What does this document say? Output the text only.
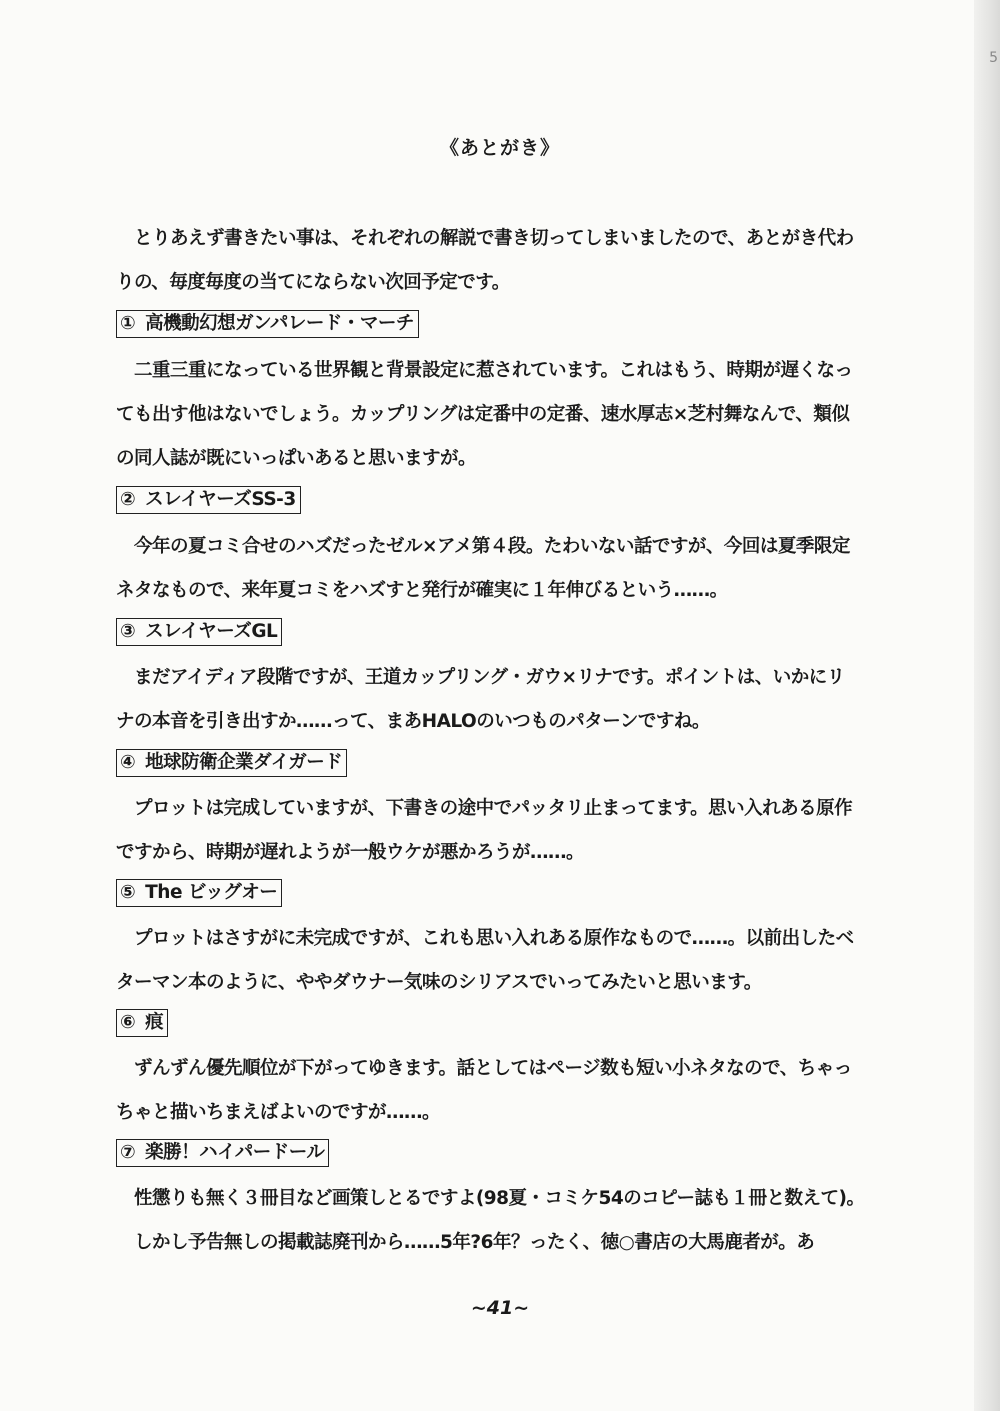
5
《あとがき》
とりあえず書きたい事は、それぞれの解説で書き切ってしまいましたので、あとがき代わ
りの、毎度毎度の当てにならない次回予定です。
① 高機動幻想ガンパレード・マーチ
二重三重になっている世界観と背景設定に惹されています。これはもう、時期が遅くなっ
ても出す他はないでしょう。カップリングは定番中の定番、速水厚志×芝村舞なんで、類似
の同人誌が既にいっぱいあると思いますが。
② スレイヤーズSS-3
今年の夏コミ合せのハズだったゼル×アメ第４段。たわいない話ですが、今回は夏季限定
ネタなもので、来年夏コミをハズすと発行が確実に１年伸びるという……。
③ スレイヤーズGL
まだアイディア段階ですが、王道カップリング・ガウ×リナです。ポイントは、いかにリ
ナの本音を引き出すか……って、まあHALOのいつものパターンですね。
④ 地球防衛企業ダイガード
プロットは完成していますが、下書きの途中でパッタリ止まってます。思い入れある原作
ですから、時期が遅れようが一般ウケが悪かろうが……。
⑤ The ビッグオー
プロットはさすがに未完成ですが、これも思い入れある原作なもので……。以前出したベ
ターマン本のように、ややダウナー気味のシリアスでいってみたいと思います。
⑥ 痕
ずんずん優先順位が下がってゆきます。話としてはページ数も短い小ネタなので、ちゃっ
ちゃと描いちまえばよいのですが……。
⑦ 楽勝！ハイパードール
性懲りも無く３冊目など画策しとるですよ(98夏・コミケ54のコピー誌も１冊と数えて)。
しかし予告無しの掲載誌廃刊から……5年?6年？ったく、徳○書店の大馬鹿者が。あ
~41~
